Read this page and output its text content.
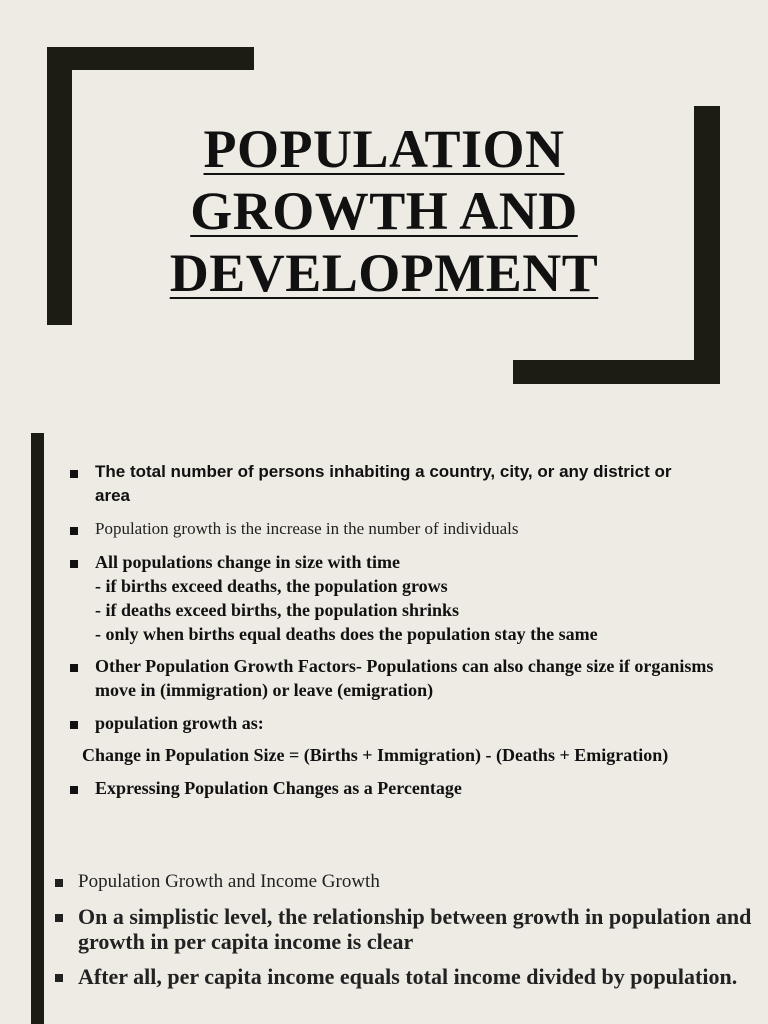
POPULATION
GROWTH AND
DEVELOPMENT
The total number of persons inhabiting a country, city, or any district or area
Population growth is the increase in the number of individuals
All populations change in size with time
- if births exceed deaths, the population grows
- if deaths exceed births, the population shrinks
- only when births equal deaths does the population stay the same
Other Population Growth Factors- Populations can also change size if organisms move in (immigration) or leave (emigration)
population growth as:
Change in Population Size = (Births + Immigration) - (Deaths + Emigration)
Expressing Population Changes as a Percentage
Population Growth and Income Growth
On a simplistic level, the relationship between growth in population and growth in per capita income is clear
After all, per capita income equals total income divided by population.
